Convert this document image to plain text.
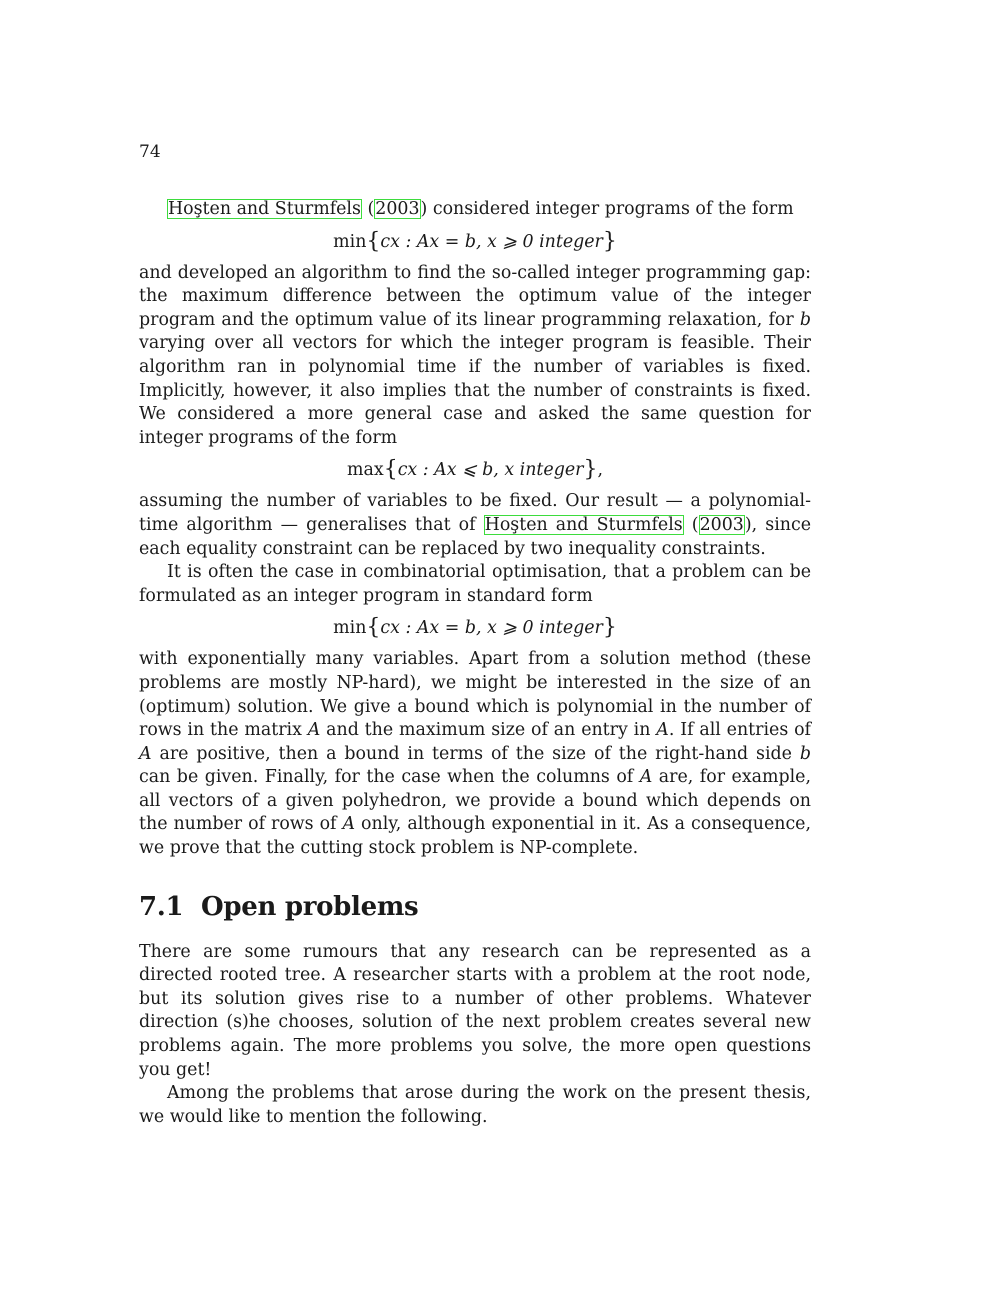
74

Hoşten and Sturmfels (2003) considered integer programs of the form

min{cx : Ax = b, x ⩾ 0 integer}

and developed an algorithm to find the so-called integer programming gap: the maximum difference between the optimum value of the integer program and the optimum value of its linear programming relaxation, for b varying over all vectors for which the integer program is feasible. Their algorithm ran in polynomial time if the number of variables is fixed. Implicitly, however, it also implies that the number of constraints is fixed. We considered a more general case and asked the same question for integer programs of the form

max{cx : Ax ⩽ b, x integer},

assuming the number of variables to be fixed. Our result — a polynomial-time algorithm — generalises that of Hoşten and Sturmfels (2003), since each equality constraint can be replaced by two inequality constraints.

It is often the case in combinatorial optimisation, that a problem can be formulated as an integer program in standard form

min{cx : Ax = b, x ⩾ 0 integer}

with exponentially many variables. Apart from a solution method (these problems are mostly NP-hard), we might be interested in the size of an (optimum) solution. We give a bound which is polynomial in the number of rows in the matrix A and the maximum size of an entry in A. If all entries of A are positive, then a bound in terms of the size of the right-hand side b can be given. Finally, for the case when the columns of A are, for example, all vectors of a given polyhedron, we provide a bound which depends on the number of rows of A only, although exponential in it. As a consequence, we prove that the cutting stock problem is NP-complete.

7.1 Open problems

There are some rumours that any research can be represented as a directed rooted tree. A researcher starts with a problem at the root node, but its solution gives rise to a number of other problems. Whatever direction (s)he chooses, solution of the next problem creates several new problems again. The more problems you solve, the more open questions you get!

Among the problems that arose during the work on the present thesis, we would like to mention the following.
